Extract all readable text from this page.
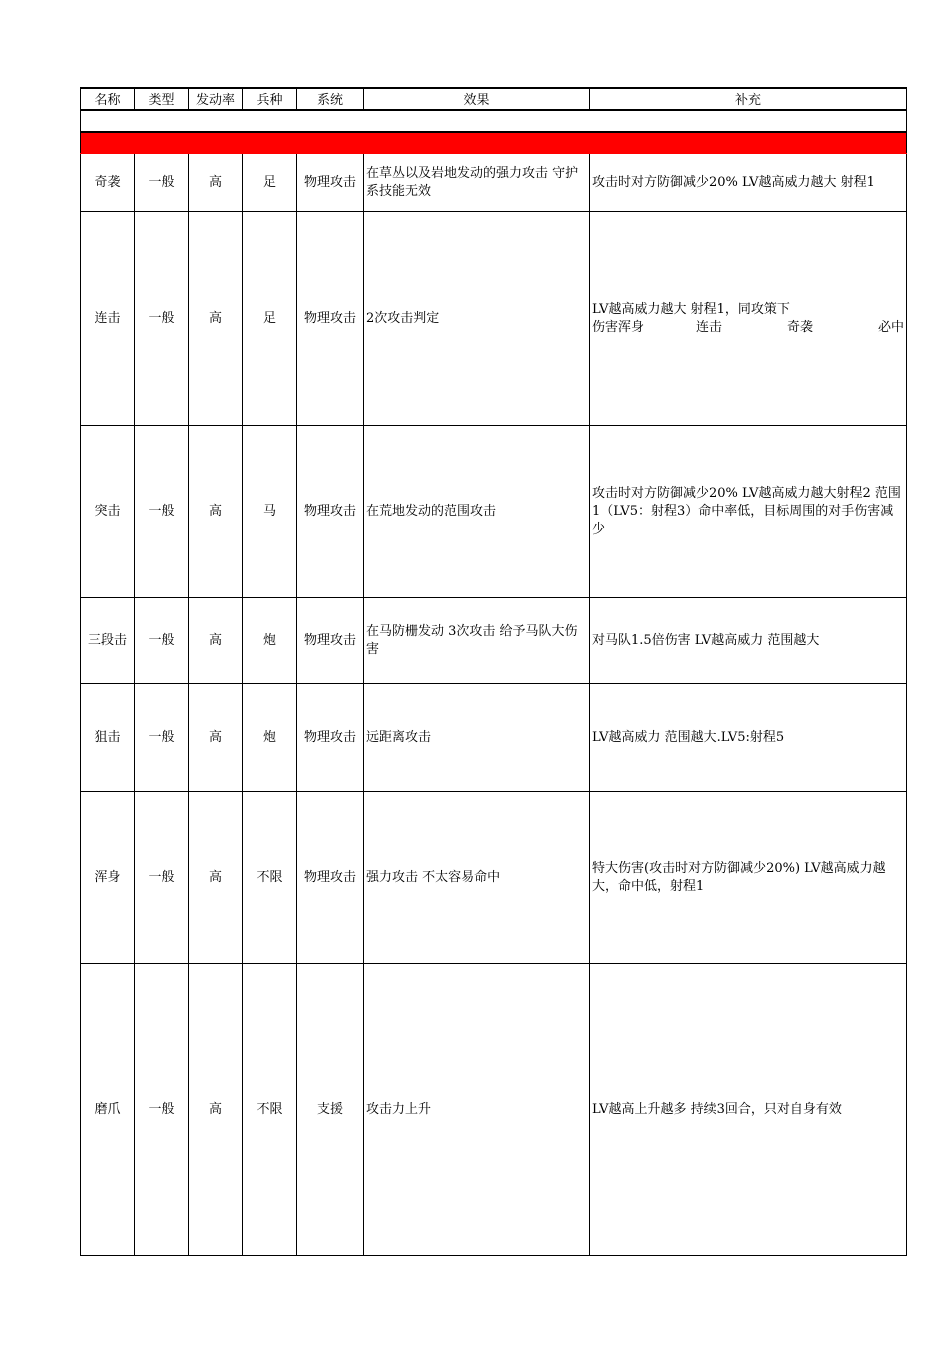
名称	类型	发动率	兵种	系统	效果	补充

奇袭	一般	高	足	物理攻击	在草丛以及岩地发动的强力攻击 守护系技能无效	攻击时对方防御减少20% LV越高威力越大 射程1
连击	一般	高	足	物理攻击	2次攻击判定	LV越高威力越大 射程1，同攻策下
伤害浑身　　　　连击　　　　　奇袭　　　　　必中

突击	一般	高	马	物理攻击	在荒地发动的范围攻击	攻击时对方防御减少20% LV越高威力越大射程2 范围1（LV5：射程3）命中率低，目标周围的对手伤害减少
三段击	一般	高	炮	物理攻击	在马防栅发动 3次攻击 给予马队大伤害	对马队1.5倍伤害 LV越高威力 范围越大
狙击	一般	高	炮	物理攻击	远距离攻击	LV越高威力 范围越大.LV5:射程5
浑身	一般	高	不限	物理攻击	强力攻击 不太容易命中	特大伤害(攻击时对方防御减少20%) LV越高威力越大，命中低，射程1
磨爪	一般	高	不限	支援	攻击力上升	LV越高上升越多 持续3回合，只对自身有效
